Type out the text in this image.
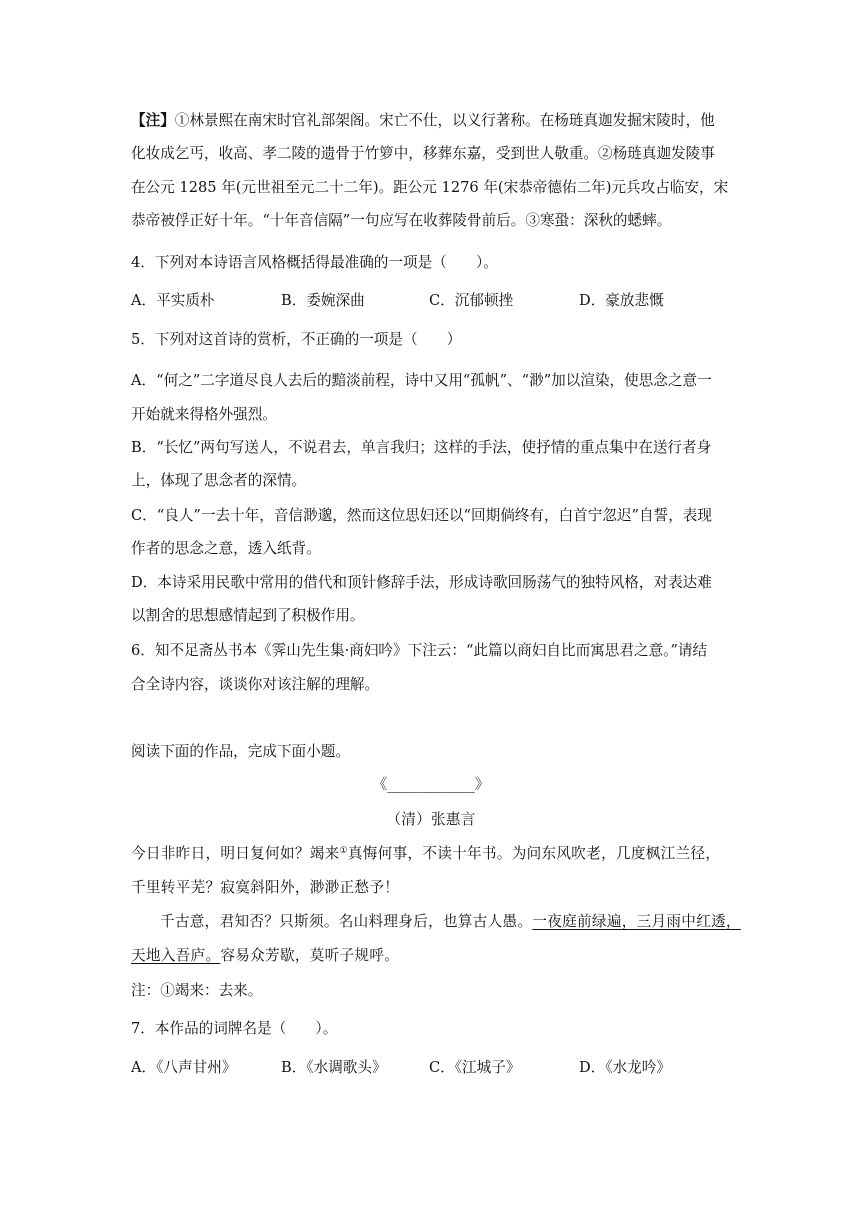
【注】①林景熙在南宋时官礼部架阁。宋亡不仕，以义行著称。在杨琏真迦发掘宋陵时，他
化妆成乞丐，收高、孝二陵的遗骨于竹箩中，移葬东嘉，受到世人敬重。②杨琏真迦发陵事
在公元 1285 年(元世祖至元二十二年)。距公元 1276 年(宋恭帝德佑二年)元兵攻占临安，宋
恭帝被俘正好十年。“十年音信隔”一句应写在收葬陵骨前后。③寒蛩：深秋的蟋蟀。
4．下列对本诗语言风格概括得最准确的一项是（　　）。
A．平实质朴	B．委婉深曲	C．沉郁顿挫	D．豪放悲慨
5．下列对这首诗的赏析，不正确的一项是（　　）
A．“何之”二字道尽良人去后的黯淡前程，诗中又用“孤帆”、“渺”加以渲染，使思念之意一
开始就来得格外强烈。
B．“长忆”两句写送人，不说君去，单言我归；这样的手法，使抒情的重点集中在送行者身
上，体现了思念者的深情。
C．“良人”一去十年，音信渺邈，然而这位思妇还以“回期倘终有，白首宁忽迟”自誓，表现
作者的思念之意，透入纸背。
D．本诗采用民歌中常用的借代和顶针修辞手法，形成诗歌回肠荡气的独特风格，对表达难
以割舍的思想感情起到了积极作用。
6．知不足斋丛书本《霁山先生集·商妇吟》下注云：“此篇以商妇自比而寓思君之意。”请结
合全诗内容，谈谈你对该注解的理解。
阅读下面的作品，完成下面小题。
《____________》
（清）张惠言
今日非昨日，明日复何如？竭来①真悔何事，不读十年书。为问东风吹老，几度枫江兰径，
千里转平芜？寂寞斜阳外，渺渺正愁予！
千古意，君知否？只斯须。名山料理身后，也算古人愚。一夜庭前绿遍，三月雨中红透，
天地入吾庐。容易众芳歇，莫听子规呼。
注：①竭来：去来。
7．本作品的词牌名是（　　）。
A．《八声甘州》	B．《水调歌头》	C．《江城子》	D．《水龙吟》
